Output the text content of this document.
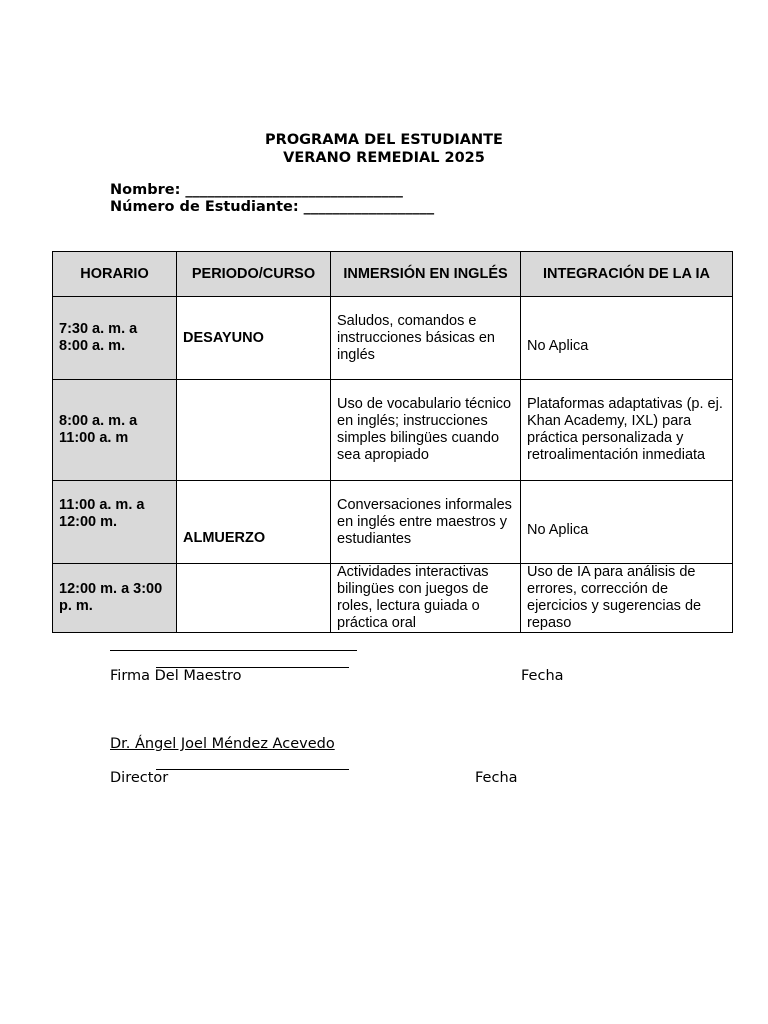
PROGRAMA DEL ESTUDIANTE
VERANO REMEDIAL 2025
Nombre: ______________________________
Número de Estudiante: __________________
HORARIO	PERIODO/CURSO	INMERSIÓN EN INGLÉS	INTEGRACIÓN DE LA IA
7:30 a. m. a 8:00 a. m.	DESAYUNO	Saludos, comandos e instrucciones básicas en inglés	No Aplica
8:00 a. m. a 11:00 a. m		Uso de vocabulario técnico en inglés; instrucciones simples bilingües cuando sea apropiado	Plataformas adaptativas (p. ej. Khan Academy, IXL) para práctica personalizada y retroalimentación inmediata
11:00 a. m. a 12:00 m.	ALMUERZO	Conversaciones informales en inglés entre maestros y estudiantes	No Aplica
12:00 m. a 3:00 p. m.		Actividades interactivas bilingües con juegos de roles, lectura guiada o práctica oral	Uso de IA para análisis de errores, corrección de ejercicios y sugerencias de repaso
Firma Del Maestro	Fecha
Dr. Ángel Joel Méndez Acevedo
Director	Fecha
